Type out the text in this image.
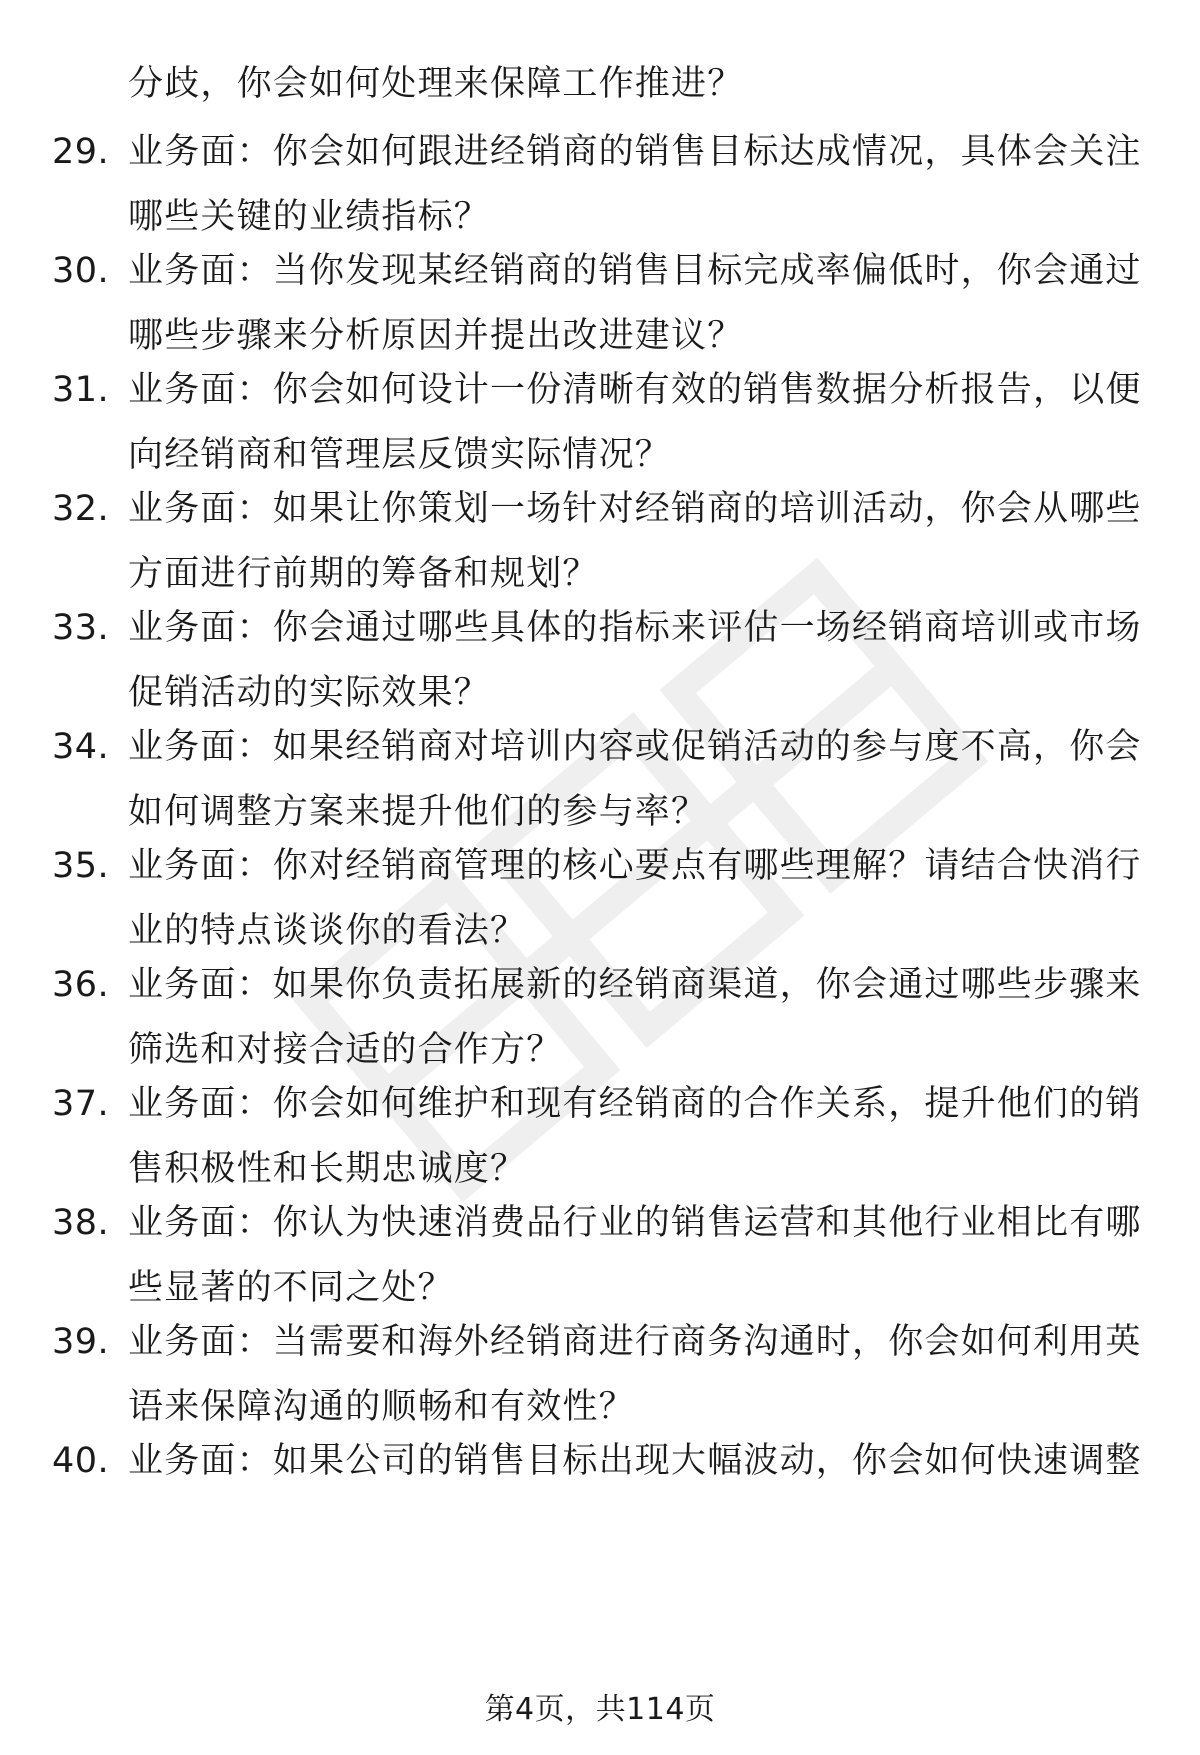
分歧，你会如何处理来保障工作推进？
29. 业务面：你会如何跟进经销商的销售目标达成情况，具体会关注
哪些关键的业绩指标？
30. 业务面：当你发现某经销商的销售目标完成率偏低时，你会通过
哪些步骤来分析原因并提出改进建议？
31. 业务面：你会如何设计一份清晰有效的销售数据分析报告，以便
向经销商和管理层反馈实际情况？
32. 业务面：如果让你策划一场针对经销商的培训活动，你会从哪些
方面进行前期的筹备和规划？
33. 业务面：你会通过哪些具体的指标来评估一场经销商培训或市场
促销活动的实际效果？
34. 业务面：如果经销商对培训内容或促销活动的参与度不高，你会
如何调整方案来提升他们的参与率？
35. 业务面：你对经销商管理的核心要点有哪些理解？请结合快消行
业的特点谈谈你的看法？
36. 业务面：如果你负责拓展新的经销商渠道，你会通过哪些步骤来
筛选和对接合适的合作方？
37. 业务面：你会如何维护和现有经销商的合作关系，提升他们的销
售积极性和长期忠诚度？
38. 业务面：你认为快速消费品行业的销售运营和其他行业相比有哪
些显著的不同之处？
39. 业务面：当需要和海外经销商进行商务沟通时，你会如何利用英
语来保障沟通的顺畅和有效性？
40. 业务面：如果公司的销售目标出现大幅波动，你会如何快速调整
第4页，共114页
